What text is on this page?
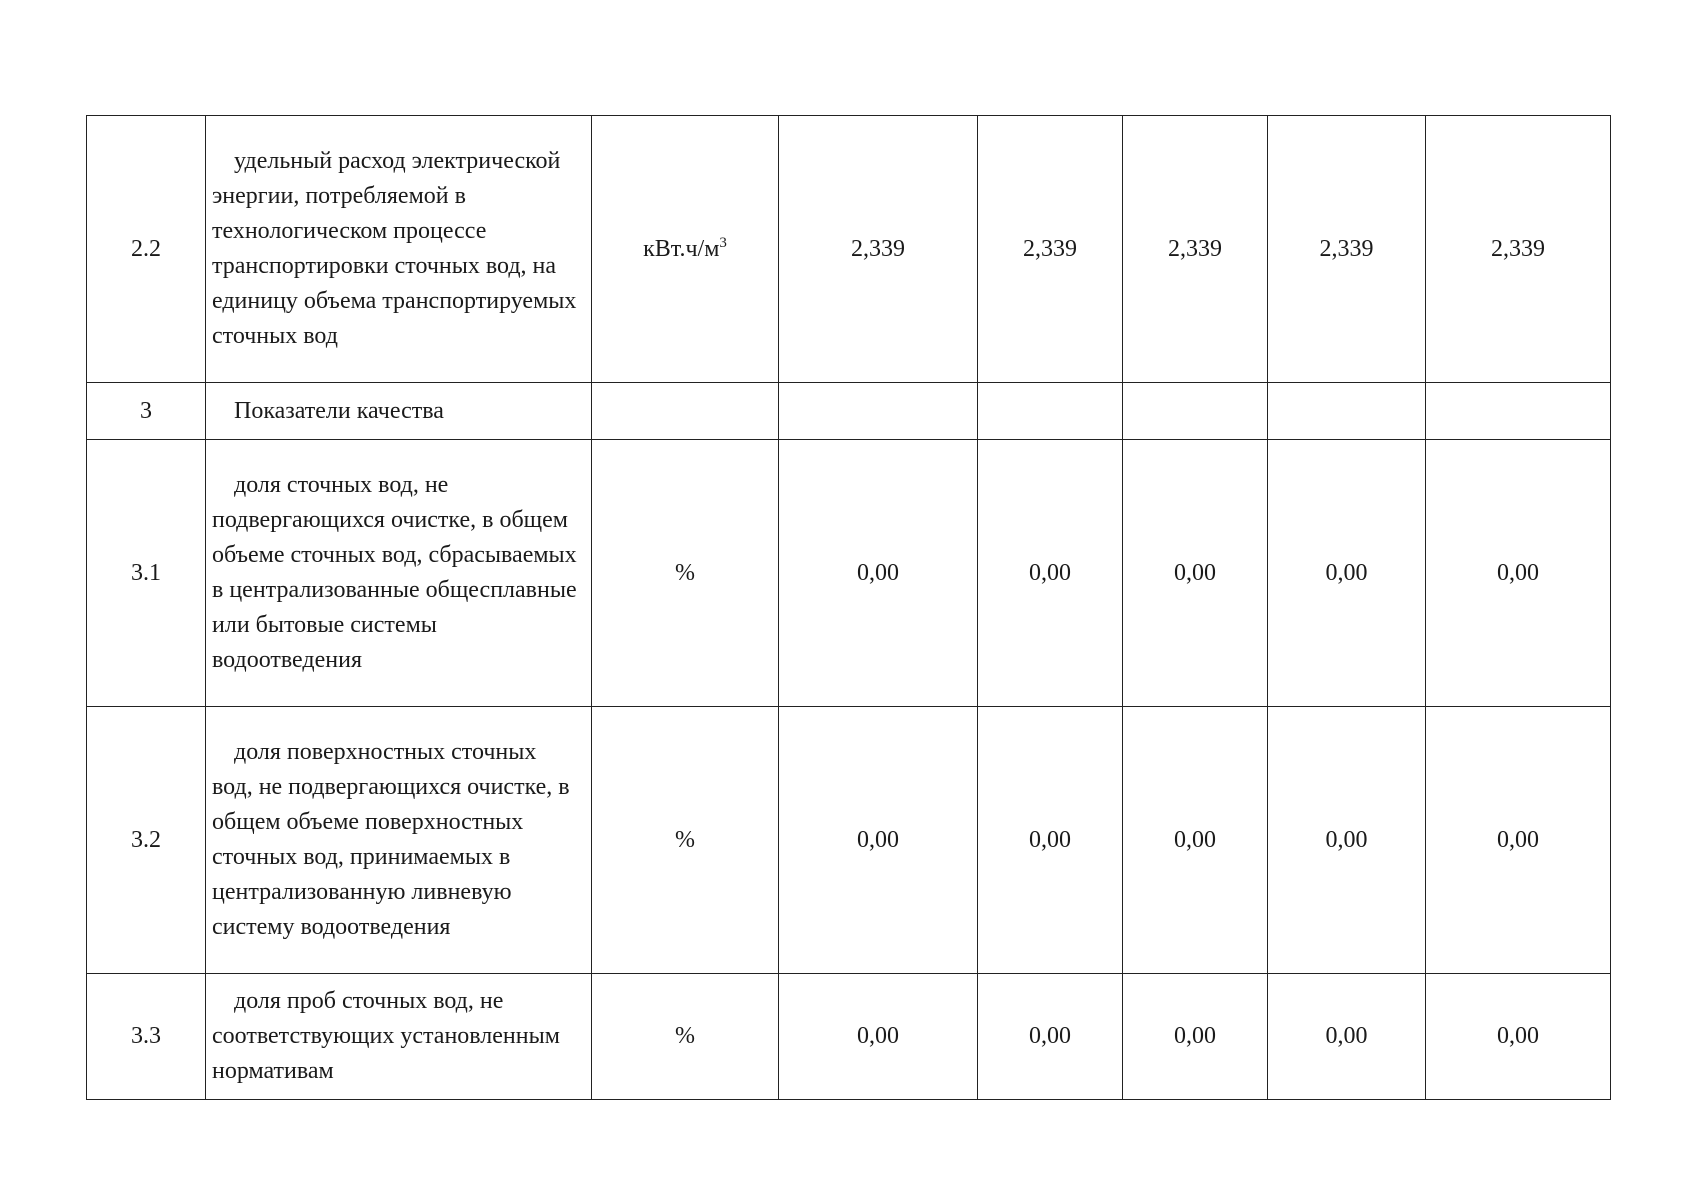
2.2	удельный расход электрической энергии, потребляемой в технологическом процессе транспортировки сточных вод, на единицу объема транспортируемых сточных вод	$кВт.ч/м^3$	2,339	2,339	2,339	2,339	2,339
3	Показатели качества						
3.1	доля сточных вод, не подвергающихся очистке, в общем объеме сточных вод, сбрасываемых в централизованные общесплавные или бытовые системы водоотведения	%	0,00	0,00	0,00	0,00	0,00
3.2	доля поверхностных сточных вод, не подвергающихся очистке, в общем объеме поверхностных сточных вод, принимаемых в централизованную ливневую систему водоотведения	%	0,00	0,00	0,00	0,00	0,00
3.3	доля проб сточных вод, не соответствующих установленным нормативам	%	0,00	0,00	0,00	0,00	0,00
